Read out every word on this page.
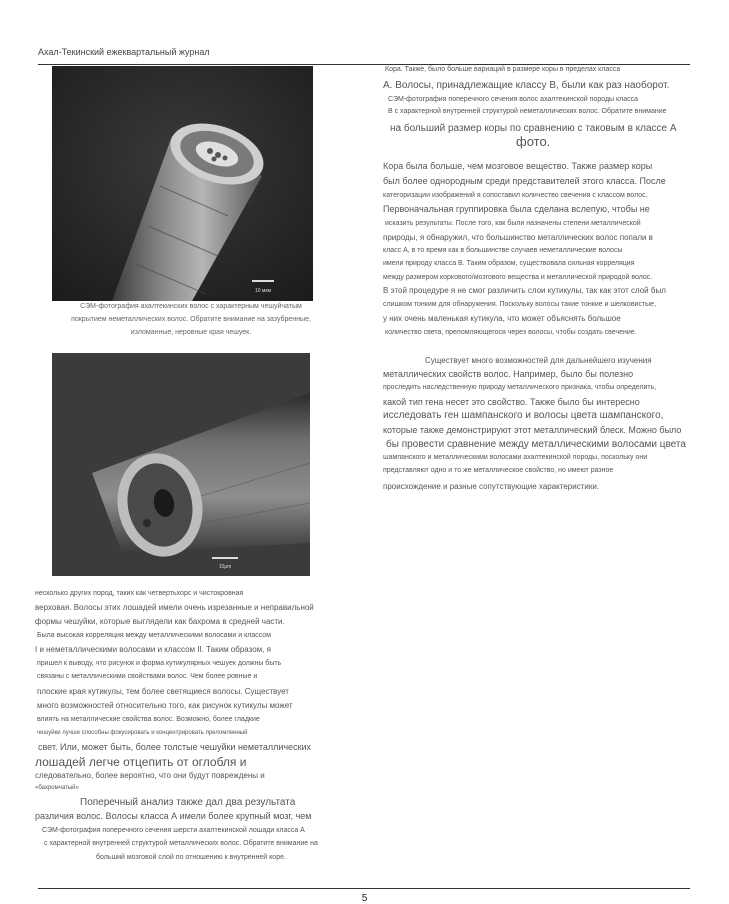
Ахал-Текинский ежеквартальный журнал
10 мкм
СЭМ-фотография ахалтекинских волос с характерным чешуйчатым
покрытием неметаллических волос. Обратите внимание на зазубренные,
изломанные, неровные края чешуек.
10µm
Кора. Также, было больше вариаций в размере коры в пределах класса
А. Волосы, принадлежащие классу В, были как раз наоборот.
СЭМ-фотография поперечного сечения волос ахалтекинской породы класса
В с характерной внутренней структурой неметаллических волос. Обратите внимание
на больший размер коры по сравнению с таковым в классе А
фото.
Кора была больше, чем мозговое вещество. Также размер коры
был более однородным среди представителей этого класса. После
категоризации изображений я сопоставил количество свечения с классом волос.
Первоначальная группировка была сделана вслепую, чтобы не
исказить результаты. После того, как были назначены степени металлической
природы, я обнаружил, что большинство металлических волос попали в
класс А, в то время как в большинстве случаев неметаллические волосы
имели природу класса В. Таким образом, существовала сильная корреляция
между размером коркового/мозгового вещества и металлической природой волос.
В этой процедуре я не смог различить слои кутикулы, так как этот слой был
слишком тонким для обнаружения. Поскольку волосы такие тонкие и шелковистые,
у них очень маленькая кутикула, что может объяснять большое
количество света, преломляющегося через волосы, чтобы создать свечение.
Существует много возможностей для дальнейшего изучения
металлических свойств волос. Например, было бы полезно
проследить наследственную природу металлического признака, чтобы определить,
какой тип гена несет это свойство. Также было бы интересно
исследовать ген шампанского и волосы цвета шампанского,
которые также демонстрируют этот металлический блеск. Можно было
бы провести сравнение между металлическими волосами цвета
шампанского и металлическими волосами ахалтекинской породы, поскольку они
представляют одно и то же металлическое свойство, но имеют разное
происхождение и разные сопутствующие характеристики.
несколько других пород, таких как четвертьхорс и чистокровная
верховая. Волосы этих лошадей имели очень изрезанные и неправильной
формы чешуйки, которые выглядели как бахрома в средней части.
Была высокая корреляция между металлическими волосами и классом
I и неметаллическими волосами и классом II. Таким образом, я
пришел к выводу, что рисунок и форма кутикулярных чешуек должны быть
связаны с металлическими свойствами волос. Чем более ровные и
плоские края кутикулы, тем более светящиеся волосы. Существует
много возможностей относительно того, как рисунок кутикулы может
влиять на металлические свойства волос. Возможно, более гладкие
чешуйки лучше способны фокусировать и концентрировать преломленный
свет. Или, может быть, более толстые чешуйки неметаллических
лошадей легче отцепить от оглобля и
следовательно, более вероятно, что они будут повреждены и
«бахромчатый»
Поперечный анализ также дал два результата
различия волос. Волосы класса А имели более крупный мозг, чем
СЭМ-фотография поперечного сечения шерсти ахалтекинской лошади класса А
с характерной внутренней структурой металлических волос. Обратите внимание на
больший мозговой слой по отношению к внутренней коре.
5
